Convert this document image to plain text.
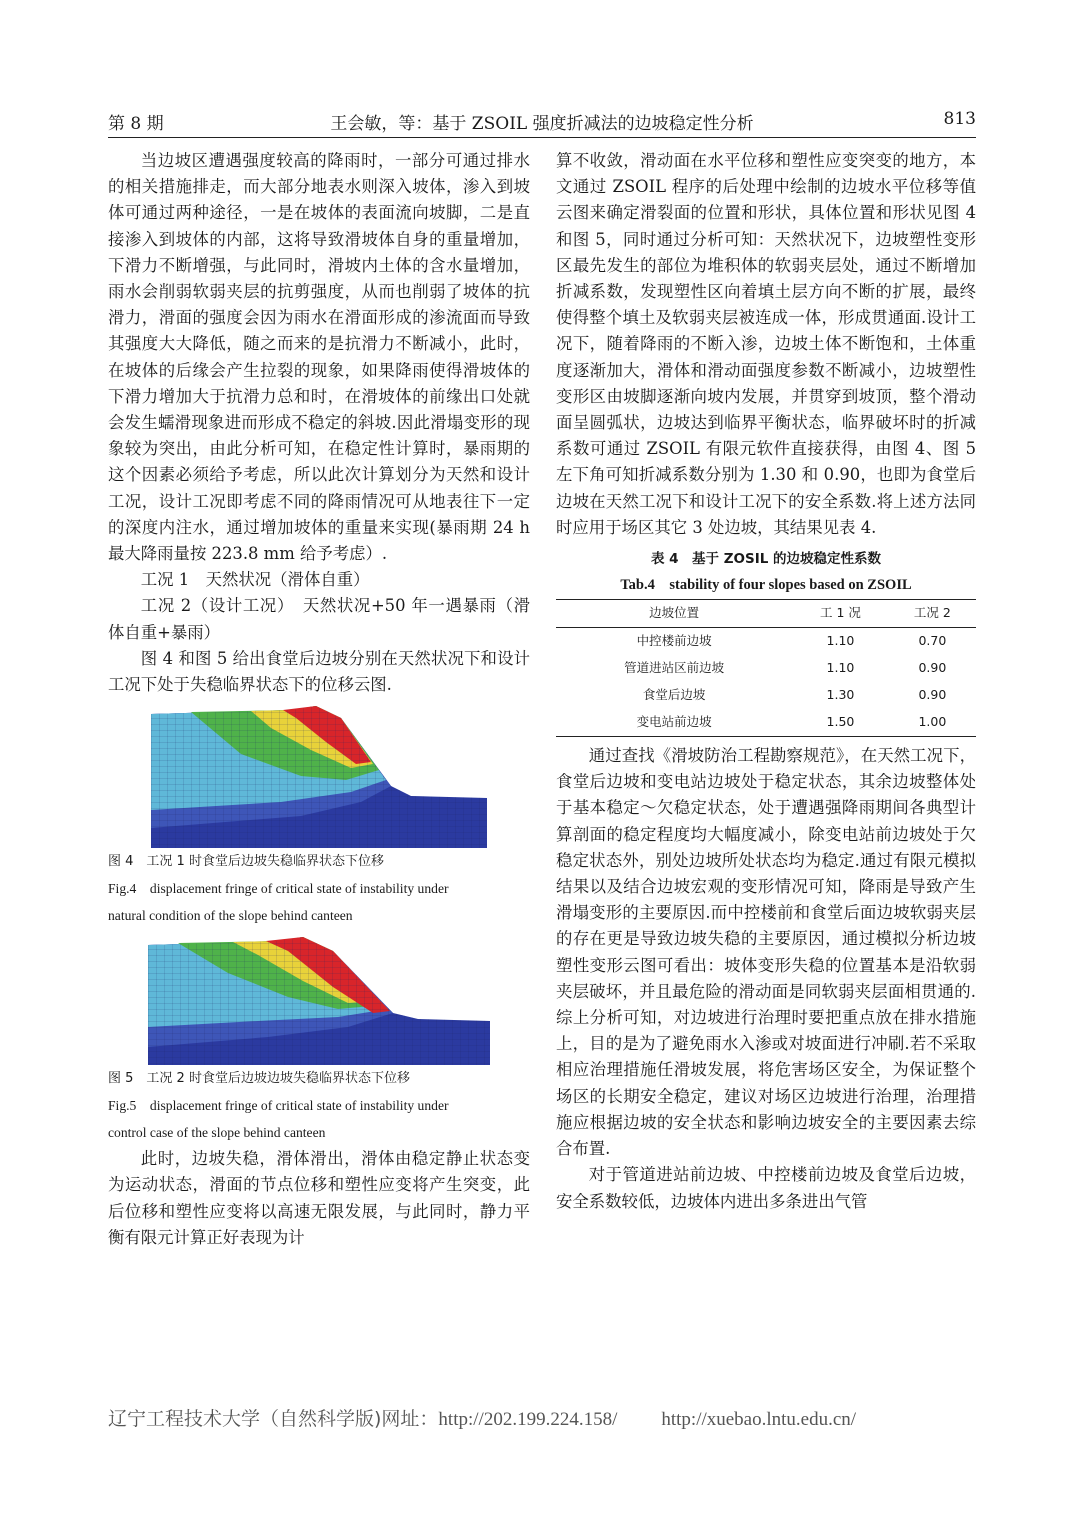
第 8 期	王会敏，等：基于 ZSOIL 强度折减法的边坡稳定性分析	813

当边坡区遭遇强度较高的降雨时，一部分可通过排水的相关措施排走，而大部分地表水则深入坡体，渗入到坡体可通过两种途径，一是在坡体的表面流向坡脚，二是直接渗入到坡体的内部，这将导致滑坡体自身的重量增加，下滑力不断增强，与此同时，滑坡内土体的含水量增加，雨水会削弱软弱夹层的抗剪强度，从而也削弱了坡体的抗滑力，滑面的强度会因为雨水在滑面形成的渗流面而导致其强度大大降低，随之而来的是抗滑力不断减小，此时，在坡体的后缘会产生拉裂的现象，如果降雨使得滑坡体的下滑力增加大于抗滑力总和时，在滑坡体的前缘出口处就会发生蠕滑现象进而形成不稳定的斜坡.因此滑塌变形的现象较为突出，由此分析可知，在稳定性计算时，暴雨期的这个因素必须给予考虑，所以此次计算划分为天然和设计工况，设计工况即考虑不同的降雨情况可从地表往下一定的深度内注水，通过增加坡体的重量来实现(暴雨期 24 h 最大降雨量按 223.8 mm 给予考虑）.

工况 1　天然状况（滑体自重）

工况 2（设计工况）　天然状况+50 年一遇暴雨（滑体自重+暴雨）

图 4 和图 5 给出食堂后边坡分别在天然状况下和设计工况下处于失稳临界状态下的位移云图.

图 4　工况 1 时食堂后边坡失稳临界状态下位移

Fig.4　displacement fringe of critical state of instability under

natural condition of the slope behind canteen

图 5　工况 2 时食堂后边坡边坡失稳临界状态下位移

Fig.5　displacement fringe of critical state of instability under

control case of the slope behind canteen

此时，边坡失稳，滑体滑出，滑体由稳定静止状态变为运动状态，滑面的节点位移和塑性应变将产生突变，此后位移和塑性应变将以高速无限发展，与此同时，静力平衡有限元计算正好表现为计

算不收敛，滑动面在水平位移和塑性应变突变的地方，本文通过 ZSOIL 程序的后处理中绘制的边坡水平位移等值云图来确定滑裂面的位置和形状，具体位置和形状见图 4 和图 5，同时通过分析可知：天然状况下，边坡塑性变形区最先发生的部位为堆积体的软弱夹层处，通过不断增加折减系数，发现塑性区向着填土层方向不断的扩展，最终使得整个填土及软弱夹层被连成一体，形成贯通面.设计工况下，随着降雨的不断入渗，边坡土体不断饱和，土体重度逐渐加大，滑体和滑动面强度参数不断减小，边坡塑性变形区由坡脚逐渐向坡内发展，并贯穿到坡顶，整个滑动面呈圆弧状，边坡达到临界平衡状态，临界破坏时的折减系数可通过 ZSOIL 有限元软件直接获得，由图 4、图 5 左下角可知折减系数分别为 1.30 和 0.90，也即为食堂后边坡在天然工况下和设计工况下的安全系数.将上述方法同时应用于场区其它 3 处边坡，其结果见表 4.

表 4　基于 ZOSIL 的边坡稳定性系数
Tab.4　stability of four slopes based on ZSOIL
边坡位置	工 1 况	工况 2
中控楼前边坡	1.10	0.70
管道进站区前边坡	1.10	0.90
食堂后边坡	1.30	0.90
变电站前边坡	1.50	1.00

通过查找《滑坡防治工程勘察规范》，在天然工况下，食堂后边坡和变电站边坡处于稳定状态，其余边坡整体处于基本稳定～欠稳定状态，处于遭遇强降雨期间各典型计算剖面的稳定程度均大幅度减小，除变电站前边坡处于欠稳定状态外，别处边坡所处状态均为稳定.通过有限元模拟结果以及结合边坡宏观的变形情况可知，降雨是导致产生滑塌变形的主要原因.而中控楼前和食堂后面边坡软弱夹层的存在更是导致边坡失稳的主要原因，通过模拟分析边坡塑性变形云图可看出：坡体变形失稳的位置基本是沿软弱夹层破坏，并且最危险的滑动面是同软弱夹层面相贯通的.综上分析可知，对边坡进行治理时要把重点放在排水措施上，目的是为了避免雨水入渗或对坡面进行冲刷.若不采取相应治理措施任滑坡发展，将危害场区安全，为保证整个场区的长期安全稳定，建议对场区边坡进行治理，治理措施应根据边坡的安全状态和影响边坡安全的主要因素去综合布置.

对于管道进站前边坡、中控楼前边坡及食堂后边坡，安全系数较低，边坡体内进出多条进出气管

辽宁工程技术大学（自然科学版)网址：http://202.199.224.158/ http://xuebao.lntu.edu.cn/
